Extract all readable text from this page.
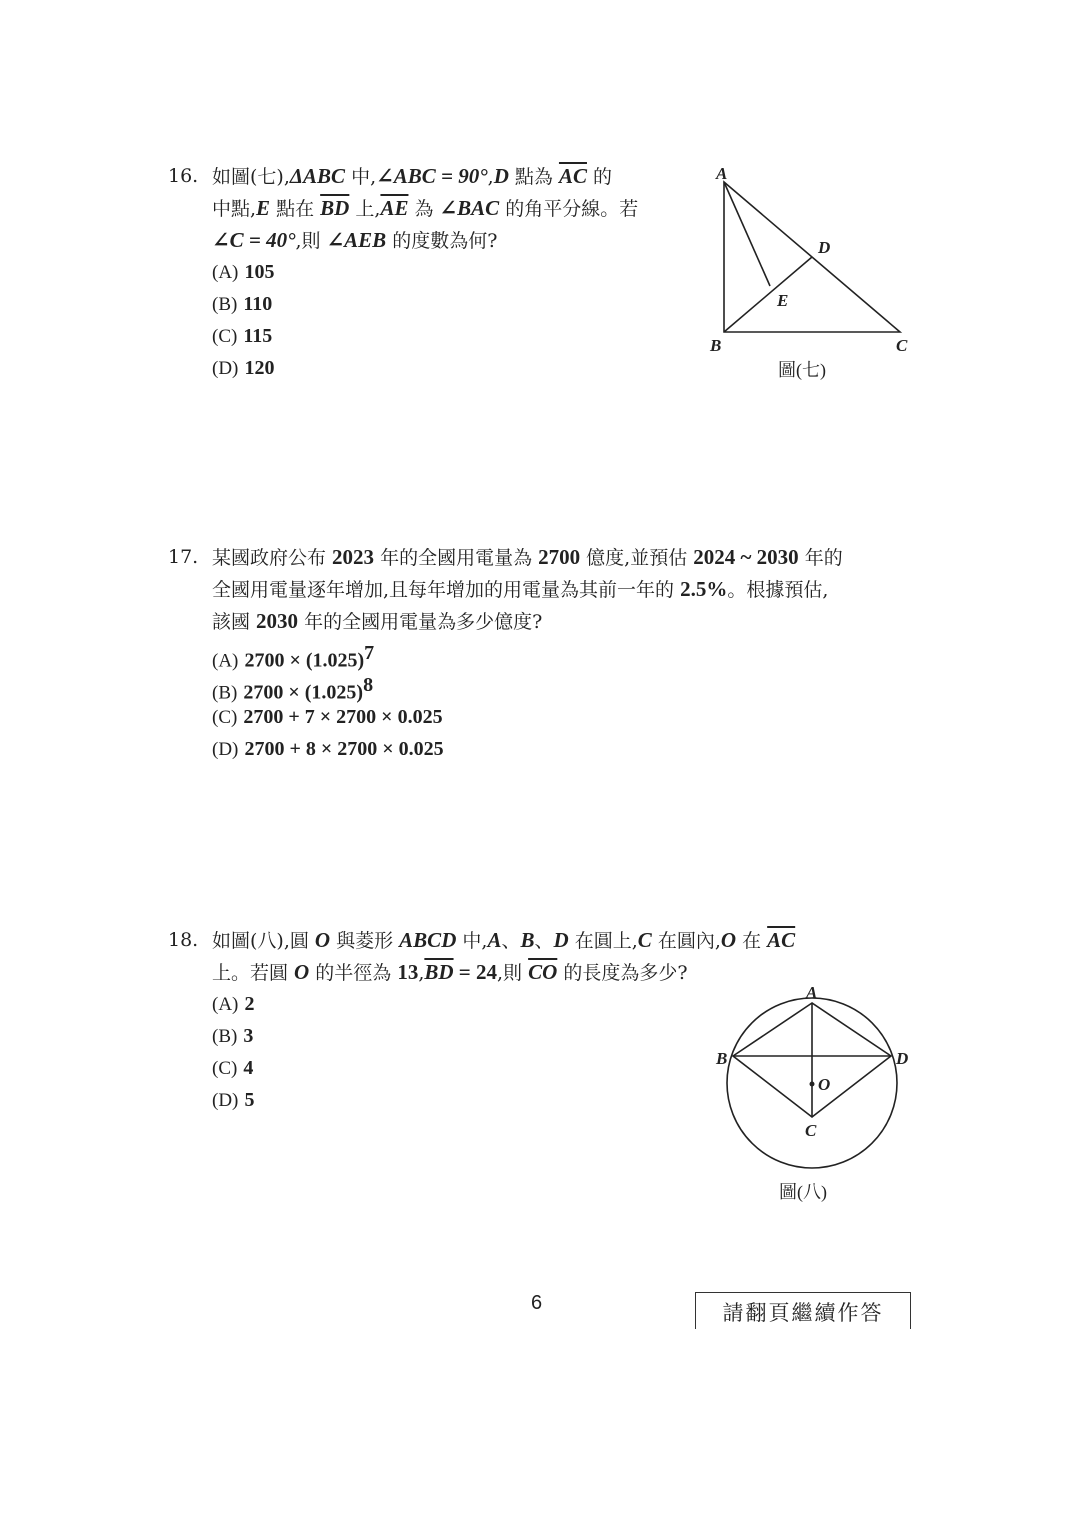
16. 如圖(七),ΔABC 中,∠ABC = 90°,D 點為 $\overline{AC}$ 的
中點,E 點在 $\overline{BD}$ 上$,\overline{AE}$ 為 ∠BAC 的角平分線。若
∠C = 40°,則 ∠AEB 的度數為何?
(A) 105
(B) 110
(C) 115
(D) 120
A
B	C
D
E
圖(七)
17. 某國政府公布 2023 年的全國用電量為 2700 億度,並預估 2024 ~ 2030 年的
全國用電量逐年增加,且每年增加的用電量為其前一年的 2.5%。根據預估,
該國 2030 年的全國用電量為多少億度?
(A) $2700 \times (1.025)^7$
(B) $2700 \times (1.025)^8$
(C) 2700 + 7 × 2700 × 0.025
(D) 2700 + 8 × 2700 × 0.025
18. 如圖(八),圓 O 與菱形 ABCD 中,A、B、D 在圓上,C 在圓內,O 在 $\overline{AC}$
上。若圓 O 的半徑為 $13,\overline{BD} = 24$,則 $\overline{CO}$ 的長度為多少?
(A) 2
(B) 3
(C) 4
(D) 5
A
B
C
D
O
圖(八)
6	請翻頁繼續作答
